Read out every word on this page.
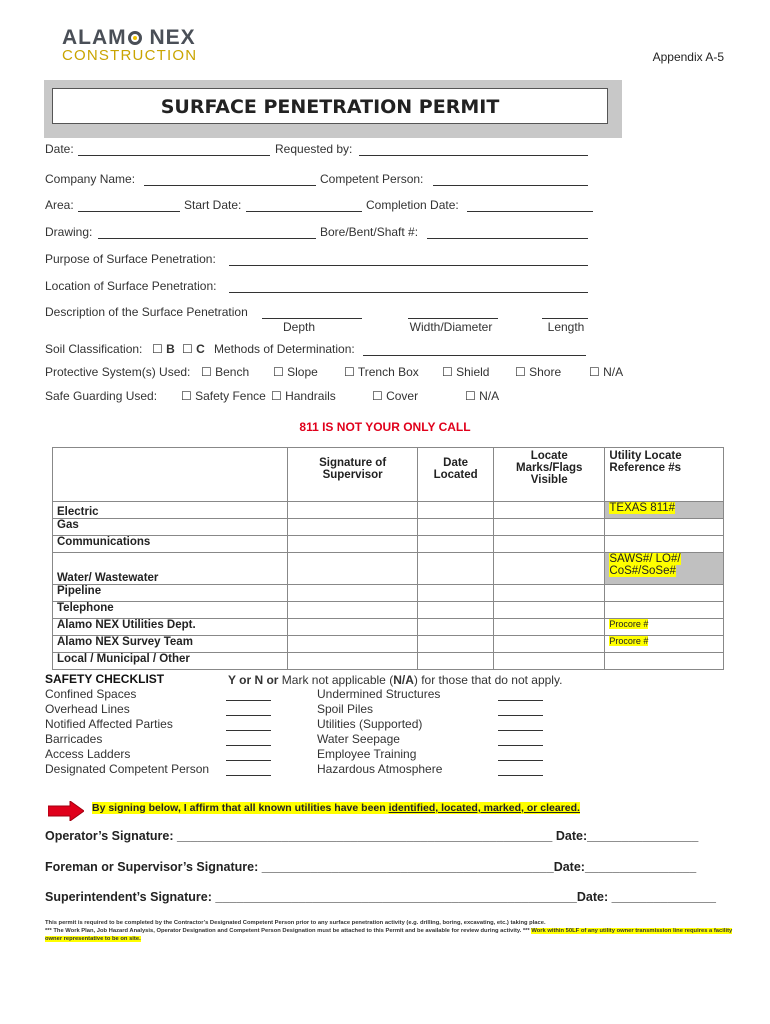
ALAM NEX
CONSTRUCTION	Appendix A-5
SURFACE PENETRATION PERMIT
Date:	Requested by:
Company Name:	Competent Person:
Area:	Start Date:	Completion Date:
Drawing:	Bore/Bent/Shaft #:
Purpose of Surface Penetration:
Location of Surface Penetration:
Description of the Surface Penetration
Depth	Width/Diameter	Length
Soil Classification: ☐ B ☐ C Methods of Determination:
Protective System(s) Used: ☐ Bench ☐ Slope ☐ Trench Box ☐ Shield ☐ Shore ☐ N/A
Safe Guarding Used: ☐ Safety Fence ☐ Handrails	☐ Cover	☐ N/A
811 IS NOT YOUR ONLY CALL
	Signature of Supervisor	Date Located	Locate Marks/Flags Visible	Utility Locate Reference #s
Electric				TEXAS 811#
Gas				
Communications				
Water/ Wastewater				SAWS#/ LO#/ CoS#/SoSe#
Pipeline				
Telephone				
Alamo NEX Utilities Dept.				Procore #
Alamo NEX Survey Team				Procore #
Local / Municipal / Other				
SAFETY CHECKLIST	Y or N or Mark not applicable (N/A) for those that do not apply.
Confined Spaces
Overhead Lines
Notified Affected Parties
Barricades
Access Ladders
Designated Competent Person
Undermined Structures
Spoil Piles
Utilities (Supported)
Water Seepage
Employee Training
Hazardous Atmosphere
By signing below, I affirm that all known utilities have been identified, located, marked, or cleared.
Operator’s Signature: ______________________________________________________ Date:________________
Foreman or Supervisor’s Signature: __________________________________________Date:________________
Superintendent’s Signature: ____________________________________________________Date: _______________
This permit is required to be completed by the Contractor’s Designated Competent Person prior to any surface penetration activity (e.g. drilling, boring, excavating, etc.) taking place.
*** The Work Plan, Job Hazard Analysis, Operator Designation and Competent Person Designation must be attached to this Permit and be available for review during activity. *** Work within 50LF of any utility owner transmission line requires a facility owner representative to be on site.
